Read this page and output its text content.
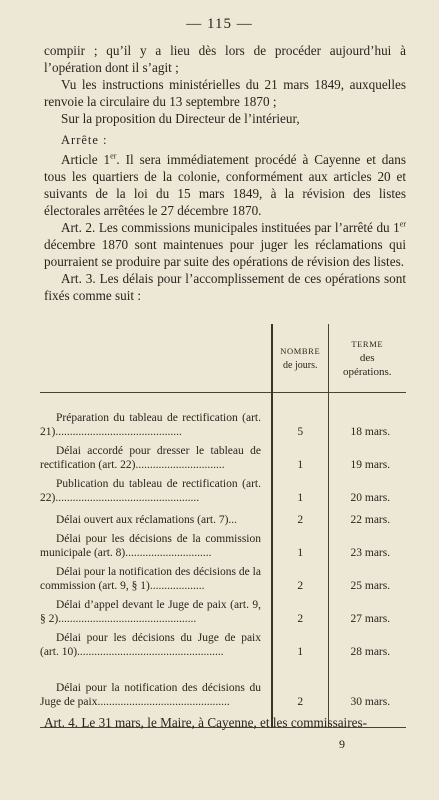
— 115 —

compiir ; qu’il y a lieu dès lors de procéder aujourd’hui à l’opération dont il s’agit ;

Vu les instructions ministérielles du 21 mars 1849, auxquelles renvoie la circulaire du 13 septembre 1870 ;

Sur la proposition du Directeur de l’intérieur,

Arrête :

Article 1er. Il sera immédiatement procédé à Cayenne et dans tous les quartiers de la colonie, conformément aux articles 20 et suivants de la loi du 15 mars 1849, à la révision des listes électorales arrêtées le 27 décembre 1870.

Art. 2. Les commissions municipales instituées par l’arrêté du 1er décembre 1870 sont maintenues pour juger les réclamations qui pourraient se produire par suite des opérations de révision des listes.

Art. 3. Les délais pour l’accomplissement de ces opérations sont fixés comme suit :

	NOMBRE
de jours.	TERME
des
opérations.

Préparation du tableau de rectification (art. 21)............................................	5	18 mars.

Délai accordé pour dresser le tableau de rectification (art. 22)...............................	1	19 mars.

Publication du tableau de rectification (art. 22)..................................................	1	20 mars.

Délai ouvert aux réclamations (art. 7)...	2	22 mars.

Délai pour les décisions de la commission municipale (art. 8)..............................	1	23 mars.

Délai pour la notification des décisions de la commission (art. 9, § 1)...................	2	25 mars.

Délai d’appel devant le Juge de paix (art. 9, § 2)................................................	2	27 mars.

Délai pour les décisions du Juge de paix (art. 10)...................................................	1	28 mars.

Délai pour la notification des décisions du Juge de paix..............................................	2	30 mars.

Art. 4. Le 31 mars, le Maire, à Cayenne, et les commissaires-
9
